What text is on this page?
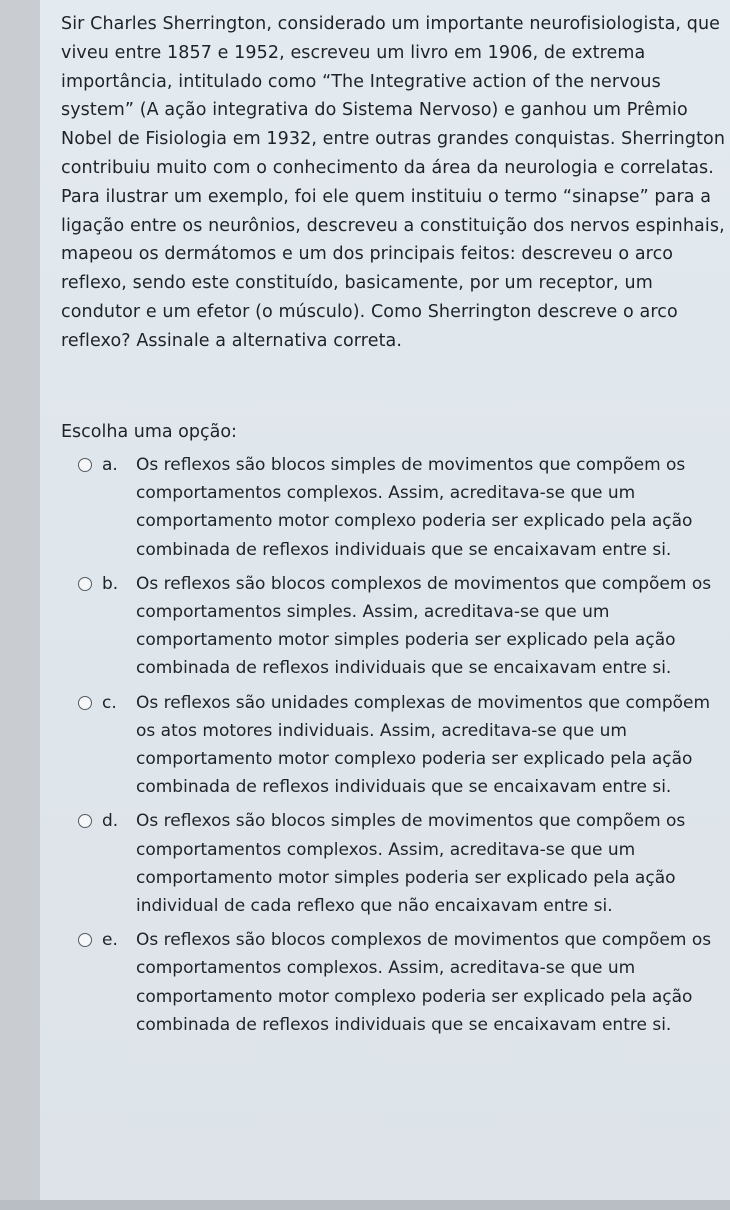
Sir Charles Sherrington, considerado um importante neurofisiologista, que viveu entre 1857 e 1952, escreveu um livro em 1906, de extrema importância, intitulado como “The Integrative action of the nervous system” (A ação integrativa do Sistema Nervoso) e ganhou um Prêmio Nobel de Fisiologia em 1932, entre outras grandes conquistas. Sherrington contribuiu muito com o conhecimento da área da neurologia e correlatas. Para ilustrar um exemplo, foi ele quem instituiu o termo “sinapse” para a ligação entre os neurônios, descreveu a constituição dos nervos espinhais, mapeou os dermátomos e um dos principais feitos: descreveu o arco reflexo, sendo este constituído, basicamente, por um receptor, um condutor e um efetor (o músculo). Como Sherrington descreve o arco reflexo? Assinale a alternativa correta.

Escolha uma opção:

a.	Os reflexos são blocos simples de movimentos que compõem os comportamentos complexos. Assim, acreditava-se que um comportamento motor complexo poderia ser explicado pela ação combinada de reflexos individuais que se encaixavam entre si.
b.	Os reflexos são blocos complexos de movimentos que compõem os comportamentos simples. Assim, acreditava-se que um comportamento motor simples poderia ser explicado pela ação combinada de reflexos individuais que se encaixavam entre si.
c.	Os reflexos são unidades complexas de movimentos que compõem os atos motores individuais. Assim, acreditava-se que um comportamento motor complexo poderia ser explicado pela ação combinada de reflexos individuais que se encaixavam entre si.
d.	Os reflexos são blocos simples de movimentos que compõem os comportamentos complexos. Assim, acreditava-se que um comportamento motor simples poderia ser explicado pela ação individual de cada reflexo que não encaixavam entre si.
e.	Os reflexos são blocos complexos de movimentos que compõem os comportamentos complexos. Assim, acreditava-se que um comportamento motor complexo poderia ser explicado pela ação combinada de reflexos individuais que se encaixavam entre si.
